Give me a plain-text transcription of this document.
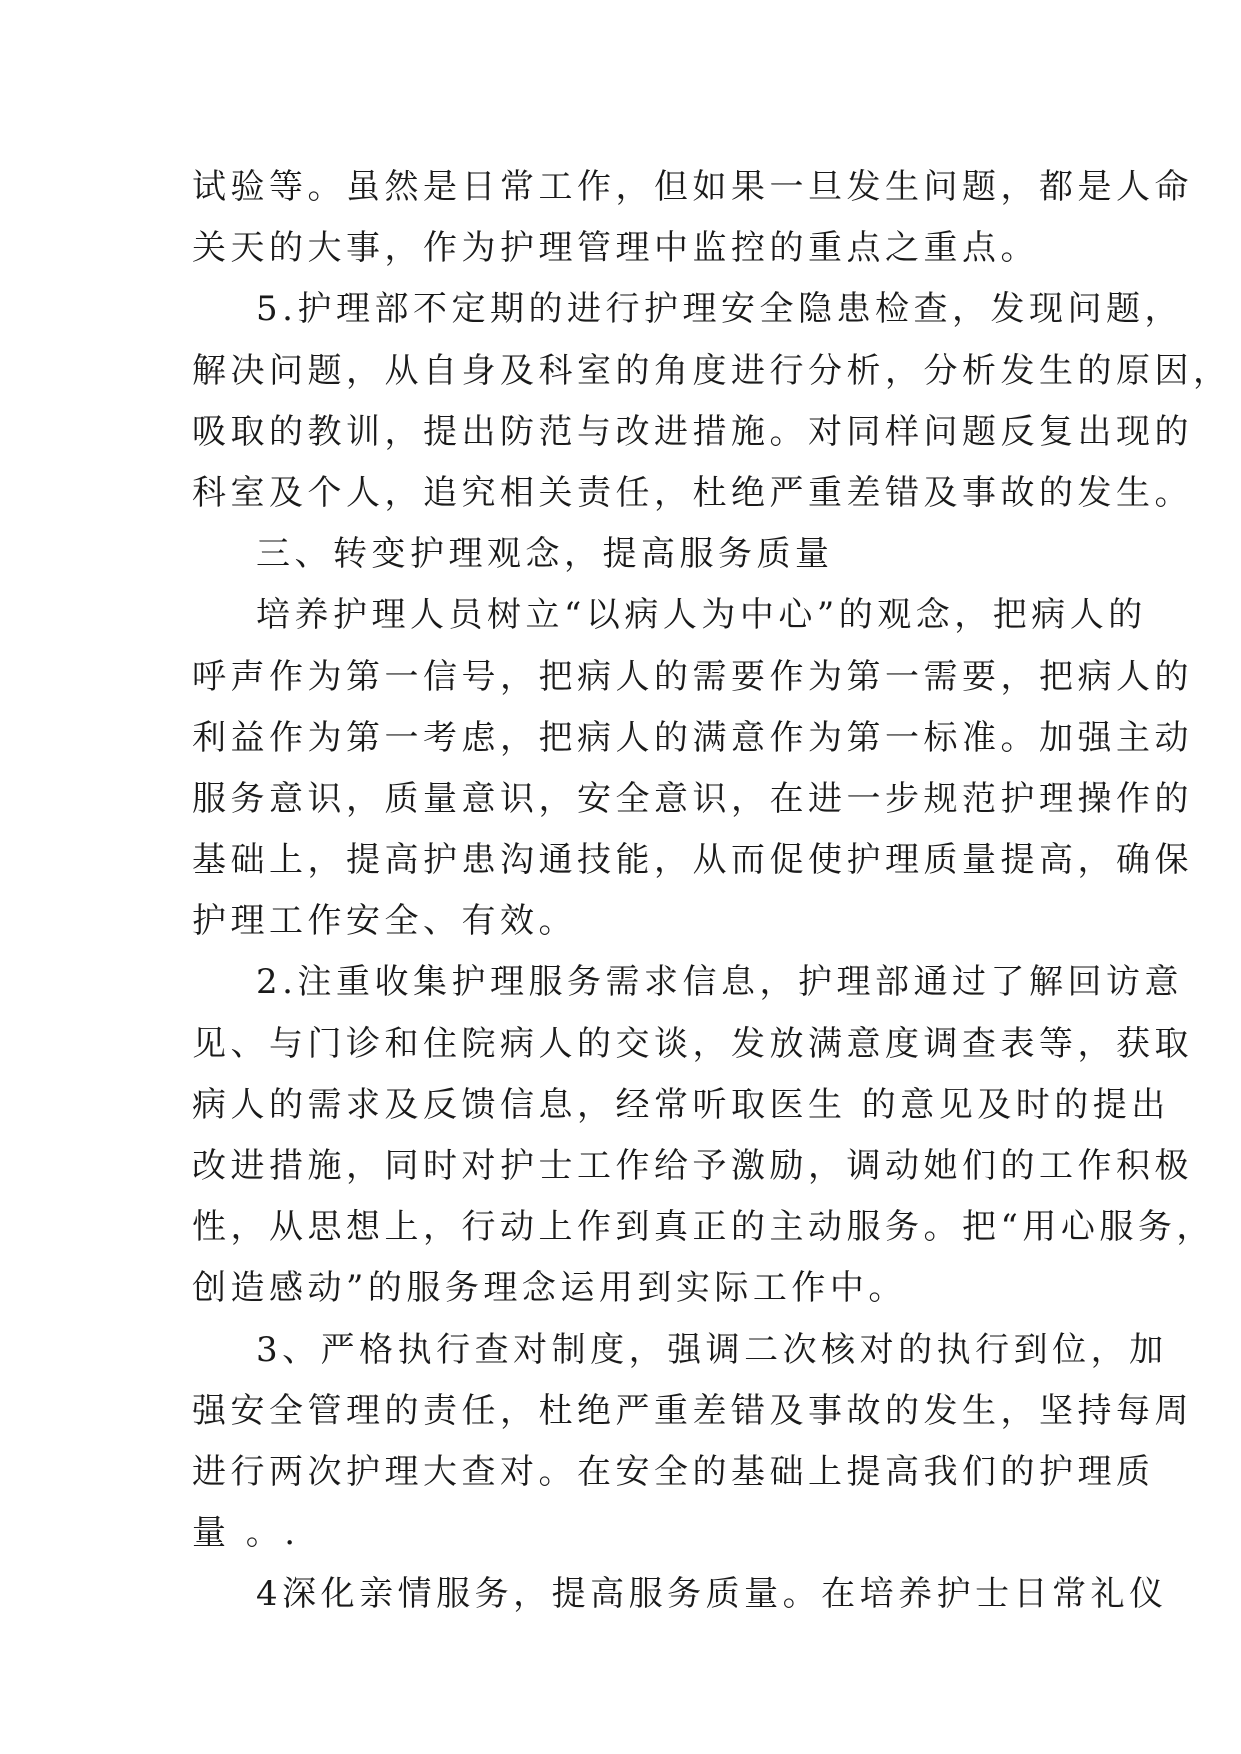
试验等。虽然是日常工作，但如果一旦发生问题，都是人命
关天的大事，作为护理管理中监控的重点之重点。
5.护理部不定期的进行护理安全隐患检查，发现问题，
解决问题，从自身及科室的角度进行分析，分析发生的原因，
吸取的教训，提出防范与改进措施。对同样问题反复出现的
科室及个人，追究相关责任，杜绝严重差错及事故的发生。
三、转变护理观念，提高服务质量
培养护理人员树立“以病人为中心”的观念，把病人的
呼声作为第一信号，把病人的需要作为第一需要，把病人的
利益作为第一考虑，把病人的满意作为第一标准。加强主动
服务意识，质量意识，安全意识，在进一步规范护理操作的
基础上，提高护患沟通技能，从而促使护理质量提高，确保
护理工作安全、有效。
2.注重收集护理服务需求信息，护理部通过了解回访意
见、与门诊和住院病人的交谈，发放满意度调查表等，获取
病人的需求及反馈信息，经常听取医生 的意见及时的提出
改进措施，同时对护士工作给予激励，调动她们的工作积极
性，从思想上，行动上作到真正的主动服务。把“用心服务，
创造感动”的服务理念运用到实际工作中。
3、严格执行查对制度，强调二次核对的执行到位，加
强安全管理的责任，杜绝严重差错及事故的发生，坚持每周
进行两次护理大查对。在安全的基础上提高我们的护理质
量 。.
4深化亲情服务，提高服务质量。在培养护士日常礼仪
